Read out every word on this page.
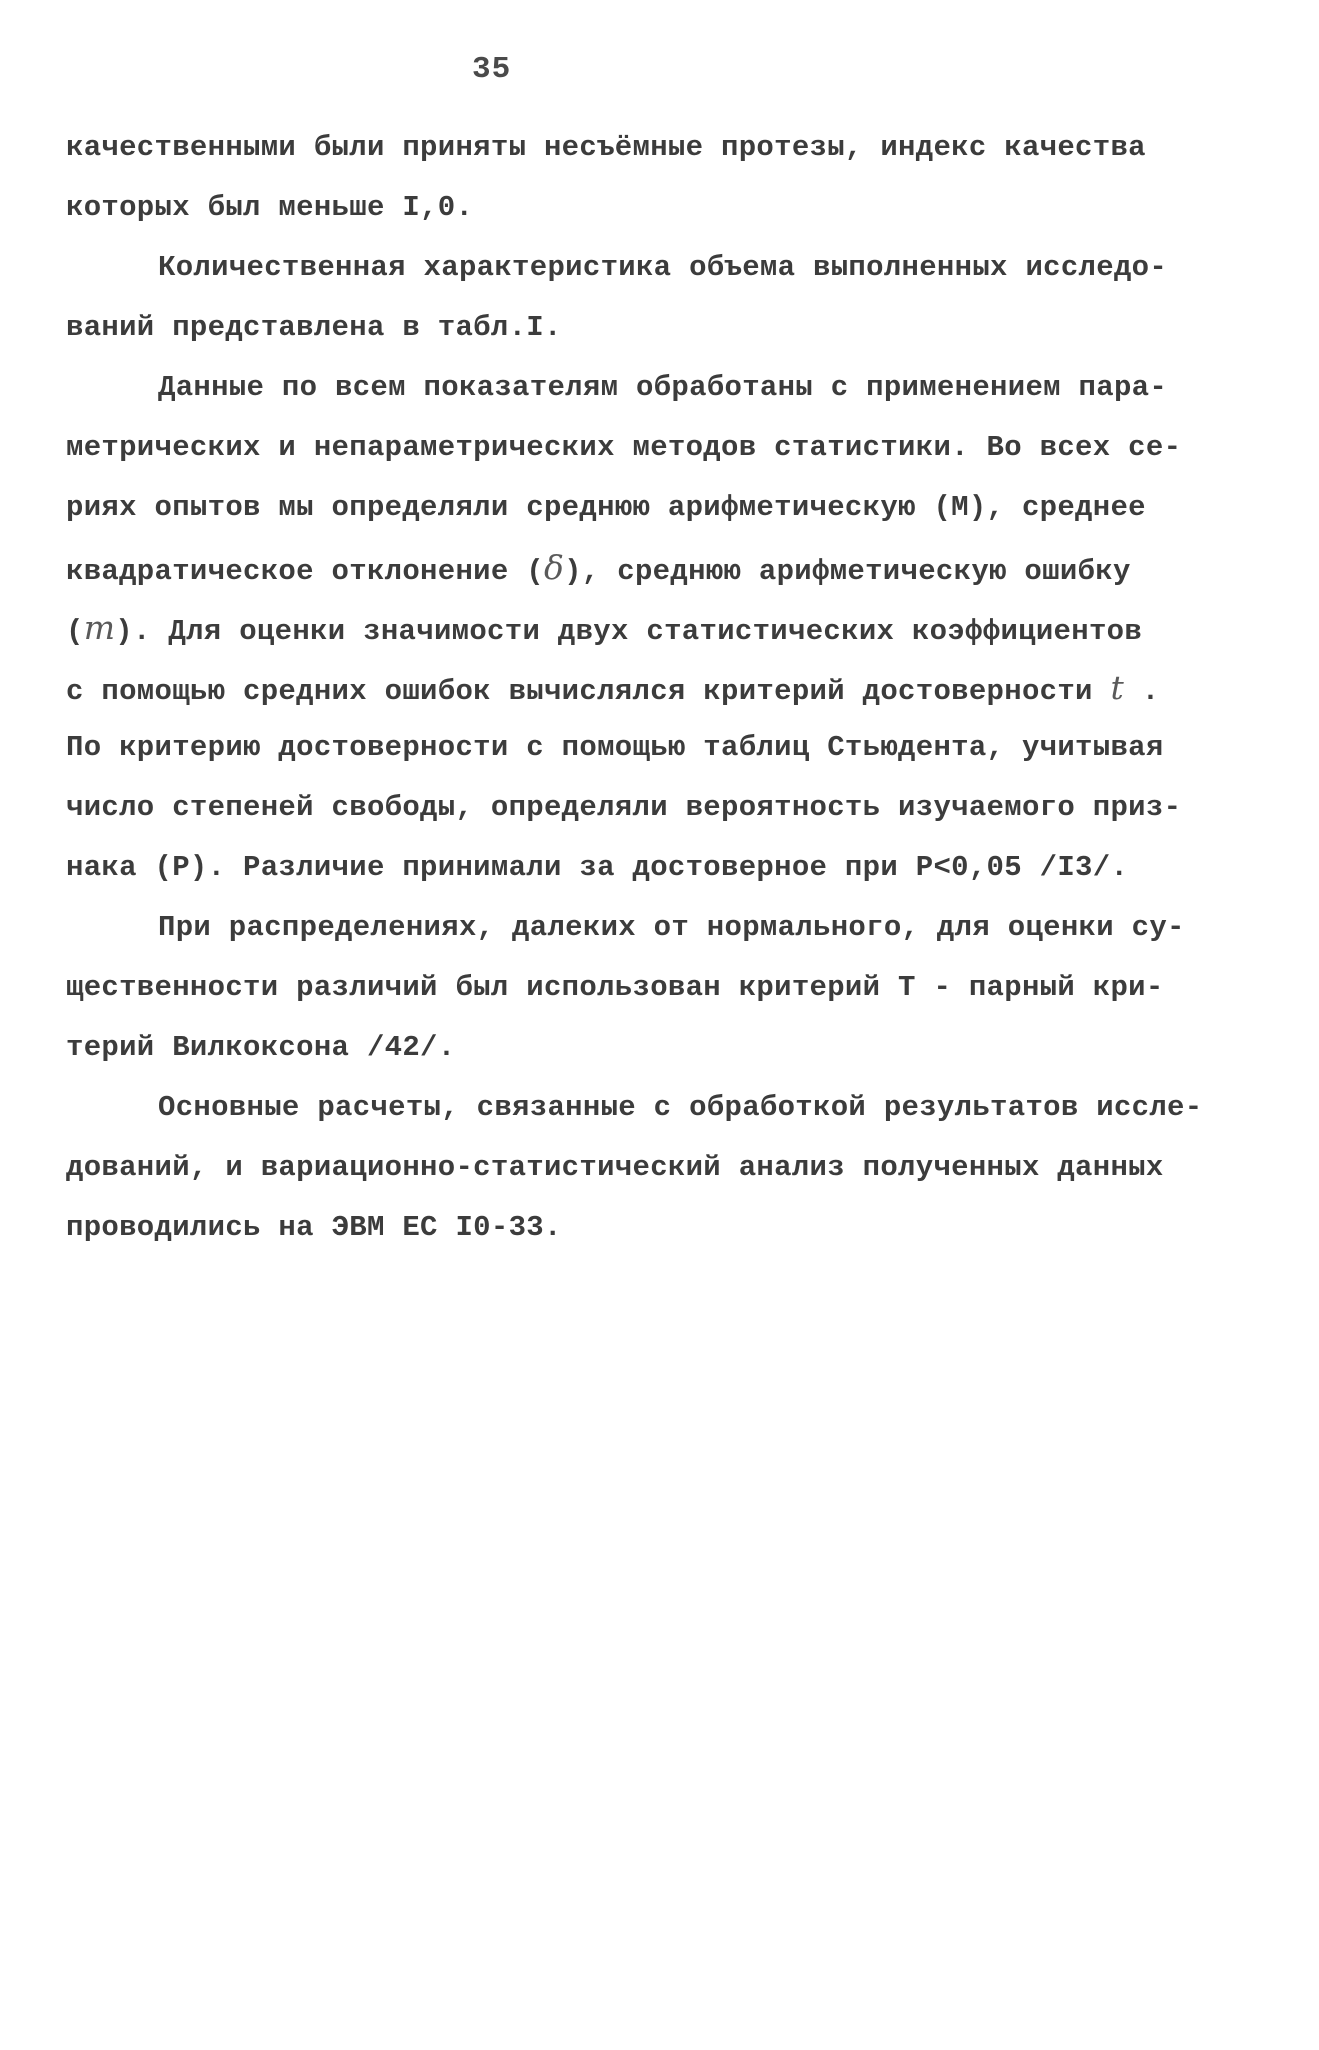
35
качественными были приняты несъёмные протезы, индекс качества
которых был меньше I,0.
Количественная характеристика объема выполненных исследо-
ваний представлена в табл.I.
Данные по всем показателям обработаны с применением пара-
метрических и непараметрических методов статистики. Во всех се-
риях опытов мы определяли среднюю арифметическую (M), среднее
квадратическое отклонение (δ), среднюю арифметическую ошибку
(m). Для оценки значимости двух статистических коэффициентов
с помощью средних ошибок вычислялся критерий достоверности t .
По критерию достоверности с помощью таблиц Стьюдента, учитывая
число степеней свободы, определяли вероятность изучаемого приз-
нака (P). Различие принимали за достоверное при P<0,05 /I3/.
При распределениях, далеких от нормального, для оценки су-
щественности различий был использован критерий T - парный кри-
терий Вилкоксона /42/.
Основные расчеты, связанные с обработкой результатов иссле-
дований, и вариационно-статистический анализ полученных данных
проводились на ЭВМ ЕС I0-33.
